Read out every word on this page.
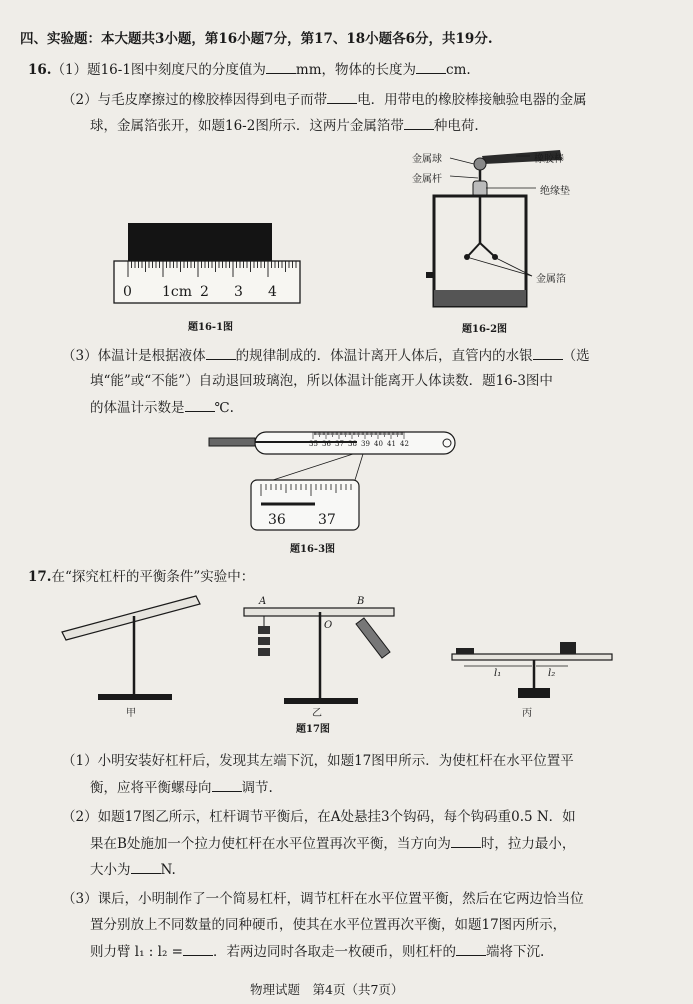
四、实验题：本大题共3小题，第16小题7分，第17、18小题各6分，共19分.
16.（1）题16-1图中刻度尺的分度值为 mm，物体的长度为 cm.
（2）与毛皮摩擦过的橡胶棒因得到电子而带 电．用带电的橡胶棒接触验电器的金属
球，金属箔张开，如题16-2图所示．这两片金属箔带 种电荷.
0 1cm 2 3 4
题16-1图
金属球
金属杆
橡胶棒
绝缘垫
金属箔
题16-2图
（3）体温计是根据液体 的规律制成的．体温计离开人体后，直管内的水银 （选
填“能”或“不能”）自动退回玻璃泡，所以体温计能离开人体读数．题16-3图中
的体温计示数是 ℃.
35 36 37 38 39 40 41 42
36 37
题16-3图
17.在“探究杠杆的平衡条件”实验中：
甲
A
O
B
乙
题17图
l₁	l₂
丙
（1）小明安装好杠杆后，发现其左端下沉，如题17图甲所示．为使杠杆在水平位置平
衡，应将平衡螺母向 调节.
（2）如题17图乙所示，杠杆调节平衡后，在A处悬挂3个钩码，每个钩码重0.5 N．如
果在B处施加一个拉力使杠杆在水平位置再次平衡，当方向为 时，拉力最小，
大小为 N.
（3）课后，小明制作了一个简易杠杆，调节杠杆在水平位置平衡，然后在它两边恰当位
置分别放上不同数量的同种硬币，使其在水平位置再次平衡，如题17图丙所示，
则力臂 l₁ : l₂ = ．若两边同时各取走一枚硬币，则杠杆的 端将下沉.
物理试题　第4页（共7页）
